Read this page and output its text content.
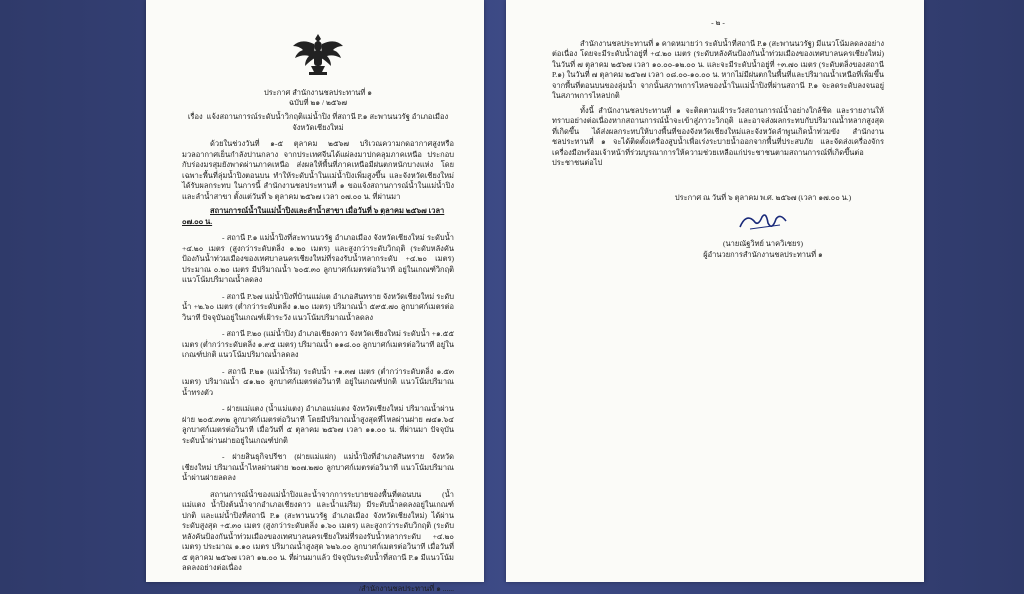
ประกาศ สำนักงานชลประทานที่ ๑
ฉบับที่ ๒๑ / ๒๕๖๗
เรื่อง แจ้งสถานการณ์ระดับน้ำวิกฤติแม่น้ำปิง ที่สถานี P.๑ สะพานนวรัฐ อำเภอเมือง จังหวัดเชียงใหม่

ด้วยในช่วงวันที่ ๑-๕ ตุลาคม ๒๕๖๗ บริเวณความกดอากาศสูงหรือมวลอากาศเย็นกำลังปานกลาง จากประเทศจีนได้แผ่ลงมาปกคลุมภาคเหนือ ประกอบกับร่องมรสุมยังพาดผ่านภาคเหนือ ส่งผลให้พื้นที่ภาคเหนือมีฝนตกหนักบางแห่ง โดยเฉพาะพื้นที่ลุ่มน้ำปิงตอนบน ทำให้ระดับน้ำในแม่น้ำปิงเพิ่มสูงขึ้น และจังหวัดเชียงใหม่ได้รับผลกระทบ ในการนี้ สำนักงานชลประทานที่ ๑ ขอแจ้งสถานการณ์น้ำในแม่น้ำปิงและลำน้ำสาขา ตั้งแต่วันที่ ๖ ตุลาคม ๒๕๖๗ เวลา ๐๗.๐๐ น. ที่ผ่านมา

สถานการณ์น้ำในแม่น้ำปิงและลำน้ำสาขา เมื่อวันที่ ๖ ตุลาคม ๒๕๖๗ เวลา ๐๗.๐๐ น.

- สถานี P.๑ แม่น้ำปิงที่สะพานนวรัฐ อำเภอเมือง จังหวัดเชียงใหม่ ระดับน้ำ +๔.๒๐ เมตร (สูงกว่าระดับตลิ่ง ๑.๒๐ เมตร) และสูงกว่าระดับวิกฤติ (ระดับหลังคันป้องกันน้ำท่วมเมืองของเทศบาลนครเชียงใหม่ที่รองรับน้ำหลากระดับ +๔.๒๐ เมตร) ประมาณ ๐.๒๐ เมตร มีปริมาณน้ำ ๖๐๕.๓๐ ลูกบาศก์เมตรต่อวินาที อยู่ในเกณฑ์วิกฤติ แนวโน้มปริมาณน้ำลดลง

- สถานี P.๖๗ แม่น้ำปิงที่บ้านแม่แต อำเภอสันทราย จังหวัดเชียงใหม่ ระดับน้ำ +๒.๖๐ เมตร (ต่ำกว่าระดับตลิ่ง ๑.๒๐ เมตร) ปริมาณน้ำ ๕๙๕.๗๐ ลูกบาศก์เมตรต่อวินาที ปัจจุบันอยู่ในเกณฑ์เฝ้าระวัง แนวโน้มปริมาณน้ำลดลง

- สถานี P.๒๐ (แม่น้ำปิง) อำเภอเชียงดาว จังหวัดเชียงใหม่ ระดับน้ำ +๑.๕๕ เมตร (ต่ำกว่าระดับตลิ่ง ๑.๙๕ เมตร) ปริมาณน้ำ ๑๑๘.๐๐ ลูกบาศก์เมตรต่อวินาที อยู่ในเกณฑ์ปกติ แนวโน้มปริมาณน้ำลดลง

- สถานี P.๒๑ (แม่น้ำริม) ระดับน้ำ +๑.๓๗ เมตร (ต่ำกว่าระดับตลิ่ง ๑.๕๓ เมตร) ปริมาณน้ำ ๔๑.๒๐ ลูกบาศก์เมตรต่อวินาที อยู่ในเกณฑ์ปกติ แนวโน้มปริมาณน้ำทรงตัว

- ฝายแม่แตง (น้ำแม่แตง) อำเภอแม่แตง จังหวัดเชียงใหม่ ปริมาณน้ำผ่านฝาย ๒๐๕.๓๓๒ ลูกบาศก์เมตรต่อวินาที โดยมีปริมาณน้ำสูงสุดที่ไหลผ่านฝาย ๗๔๑.๖๔ ลูกบาศก์เมตรต่อวินาที เมื่อวันที่ ๕ ตุลาคม ๒๕๖๗ เวลา ๑๑.๐๐ น. ที่ผ่านมา ปัจจุบันระดับน้ำผ่านฝายอยู่ในเกณฑ์ปกติ

- ฝายสินธุกิจปรีชา (ฝายแม่แฝก) แม่น้ำปิงที่อำเภอสันทราย จังหวัดเชียงใหม่ ปริมาณน้ำไหลผ่านฝาย ๒๐๗.๒๗๐ ลูกบาศก์เมตรต่อวินาที แนวโน้มปริมาณน้ำผ่านฝายลดลง

สถานการณ์น้ำของแม่น้ำปิงและน้ำจากการระบายของพื้นที่ตอนบน (น้ำแม่แตง น้ำปิงต้นน้ำจากอำเภอเชียงดาว และน้ำแม่ริม) มีระดับน้ำลดลงอยู่ในเกณฑ์ปกติ และแม่น้ำปิงที่สถานี P.๑ (สะพานนวรัฐ อำเภอเมือง จังหวัดเชียงใหม่) ได้ผ่านระดับสูงสุด +๕.๓๐ เมตร (สูงกว่าระดับตลิ่ง ๑.๖๐ เมตร) และสูงกว่าระดับวิกฤติ (ระดับหลังคันป้องกันน้ำท่วมเมืองของเทศบาลนครเชียงใหม่ที่รองรับน้ำหลากระดับ +๔.๒๐ เมตร) ประมาณ ๑.๑๐ เมตร ปริมาณน้ำสูงสุด ๖๒๖.๐๐ ลูกบาศก์เมตรต่อวินาที เมื่อวันที่ ๕ ตุลาคม ๒๕๖๗ เวลา ๑๒.๐๐ น. ที่ผ่านมาแล้ว ปัจจุบันระดับน้ำที่สถานี P.๑ มีแนวโน้มลดลงอย่างต่อเนื่อง

/สำนักงานชลประทานที่ ๑ ......
- ๒ -

สำนักงานชลประทานที่ ๑ คาดหมายว่า ระดับน้ำที่สถานี P.๑ (สะพานนวรัฐ) มีแนวโน้มลดลงอย่างต่อเนื่อง โดยจะมีระดับน้ำอยู่ที่ +๔.๒๐ เมตร (ระดับหลังคันป้องกันน้ำท่วมเมืองของเทศบาลนครเชียงใหม่) ในวันที่ ๗ ตุลาคม ๒๕๖๗ เวลา ๑๐.๐๐-๑๒.๐๐ น. และจะมีระดับน้ำอยู่ที่ +๓.๗๐ เมตร (ระดับตลิ่งของสถานี P.๑) ในวันที่ ๗ ตุลาคม ๒๕๖๗ เวลา ๐๘.๐๐-๑๐.๐๐ น. หากไม่มีฝนตกในพื้นที่และปริมาณน้ำเหนือที่เพิ่มขึ้นจากพื้นที่ตอนบนของลุ่มน้ำ จากนั้นสภาพการไหลของน้ำในแม่น้ำปิงที่ผ่านสถานี P.๑ จะลดระดับลงจนอยู่ในสภาพการไหลปกติ

ทั้งนี้ สำนักงานชลประทานที่ ๑ จะติดตามเฝ้าระวังสถานการณ์น้ำอย่างใกล้ชิด และรายงานให้ทราบอย่างต่อเนื่องหากสถานการณ์น้ำจะเข้าสู่ภาวะวิกฤติ และอาจส่งผลกระทบกับปริมาณน้ำหลากสูงสุดที่เกิดขึ้น ได้ส่งผลกระทบให้บางพื้นที่ของจังหวัดเชียงใหม่และจังหวัดลำพูนเกิดน้ำท่วมขัง สำนักงานชลประทานที่ ๑ จะได้ติดตั้งเครื่องสูบน้ำเพื่อเร่งระบายน้ำออกจากพื้นที่ประสบภัย และจัดส่งเครื่องจักรเครื่องมือพร้อมเจ้าหน้าที่ร่วมบูรณาการให้ความช่วยเหลือแก่ประชาชนตามสถานการณ์ที่เกิดขึ้นต่อประชาชนต่อไป

ประกาศ ณ วันที่ ๖ ตุลาคม พ.ศ. ๒๕๖๗ (เวลา ๑๗.๐๐ น.)
(นายณัฐวิทย์ นาควิเชยร)
ผู้อำนวยการสำนักงานชลประทานที่ ๑
